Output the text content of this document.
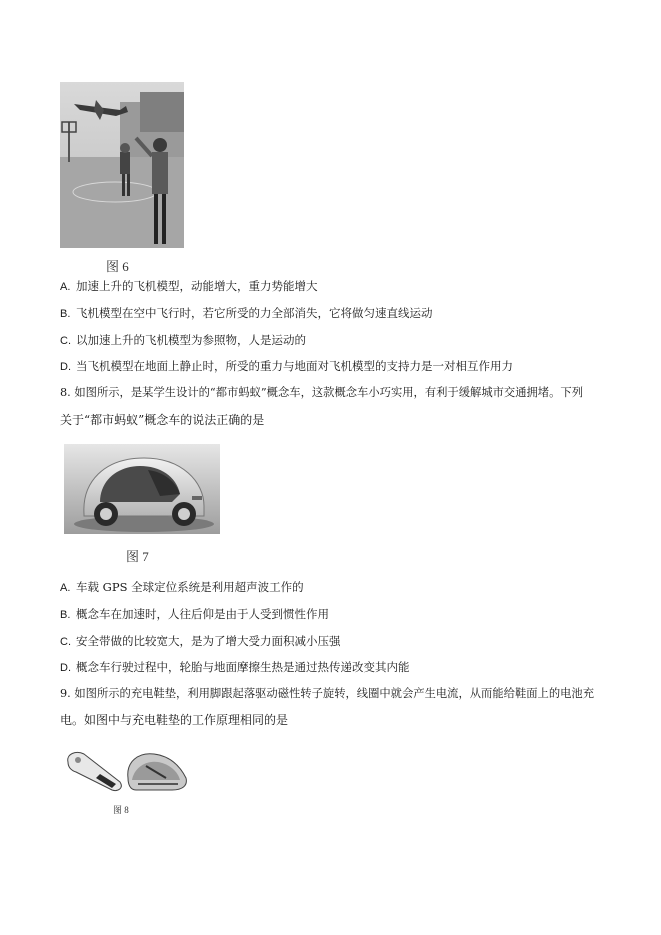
图 6
A. 加速上升的飞机模型，动能增大，重力势能增大
B. 飞机模型在空中飞行时，若它所受的力全部消失，它将做匀速直线运动
C. 以加速上升的飞机模型为参照物，人是运动的
D. 当飞机模型在地面上静止时，所受的重力与地面对飞机模型的支持力是一对相互作用力
8. 如图所示，是某学生设计的“都市蚂蚁”概念车，这款概念车小巧实用，有利于缓解城市交通拥堵。下列
关于“都市蚂蚁”概念车的说法正确的是
图 7
A. 车载 GPS 全球定位系统是利用超声波工作的
B. 概念车在加速时，人往后仰是由于人受到惯性作用
C. 安全带做的比较宽大，是为了增大受力面积减小压强
D. 概念车行驶过程中，轮胎与地面摩擦生热是通过热传递改变其内能
9. 如图所示的充电鞋垫，利用脚跟起落驱动磁性转子旋转，线圈中就会产生电流，从而能给鞋面上的电池充
电。如图中与充电鞋垫的工作原理相同的是
图 8
